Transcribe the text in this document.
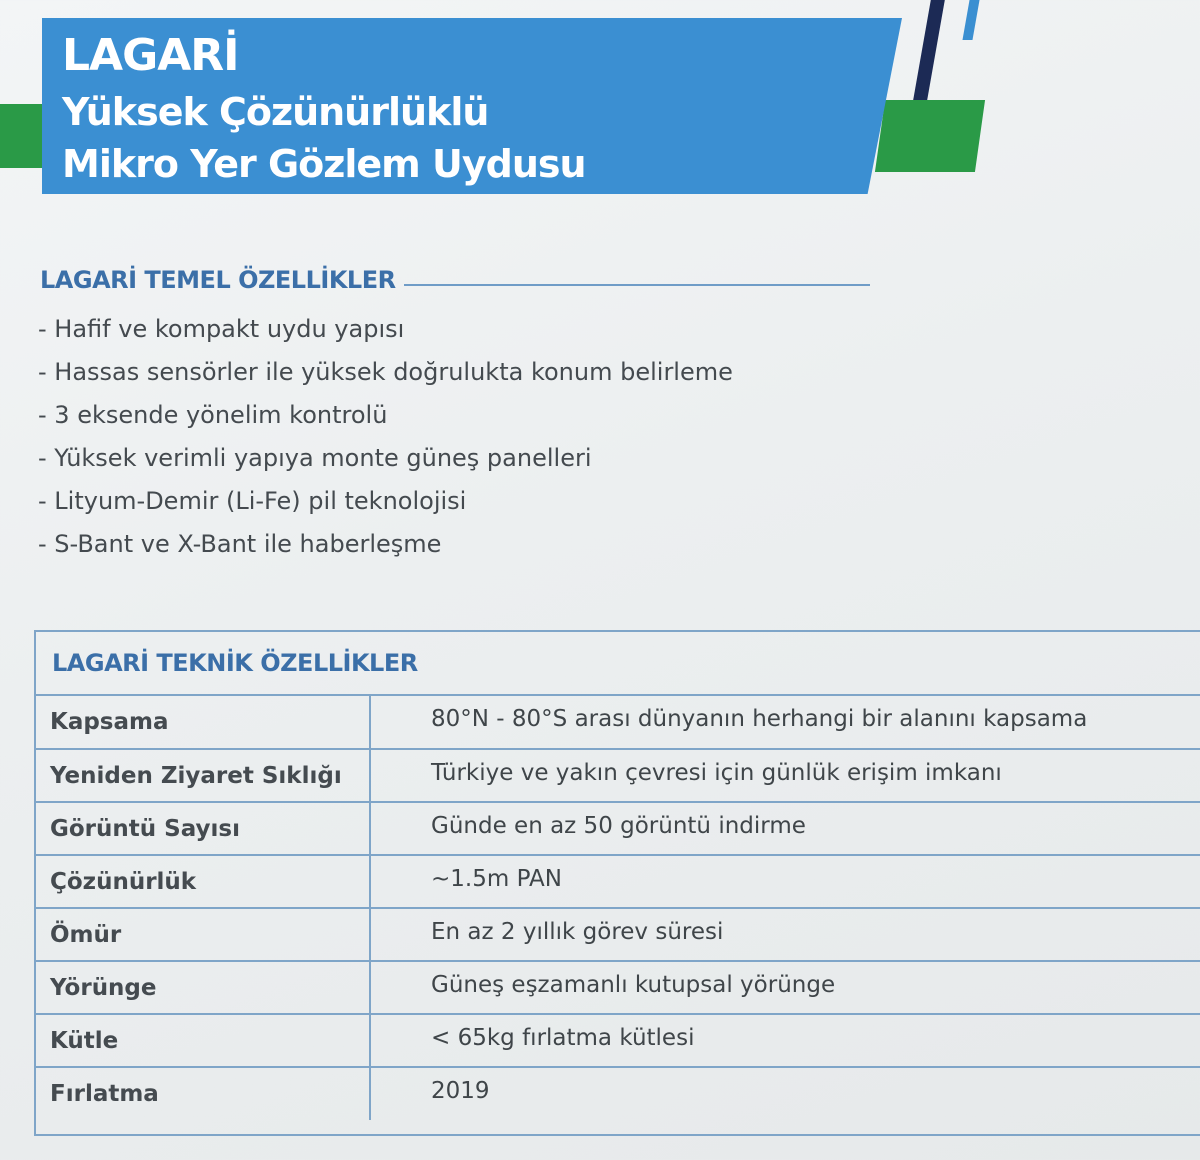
LAGARİ

Yüksek Çözünürlüklü

Mikro Yer Gözlem Uydusu

LAGARİ TEMEL ÖZELLİKLER
- Hafif ve kompakt uydu yapısı
- Hassas sensörler ile yüksek doğrulukta konum belirleme
- 3 eksende yönelim kontrolü
- Yüksek verimli yapıya monte güneş panelleri
- Lityum-Demir (Li-Fe) pil teknolojisi
- S-Bant ve X-Bant ile haberleşme
LAGARİ TEKNİK ÖZELLİKLER
Kapsama	80°N - 80°S arası dünyanın herhangi bir alanını kapsama
Yeniden Ziyaret Sıklığı	Türkiye ve yakın çevresi için günlük erişim imkanı
Görüntü Sayısı	Günde en az 50 görüntü indirme
Çözünürlük	~1.5m PAN
Ömür	En az 2 yıllık görev süresi
Yörünge	Güneş eşzamanlı kutupsal yörünge
Kütle	< 65kg fırlatma kütlesi
Fırlatma	2019
